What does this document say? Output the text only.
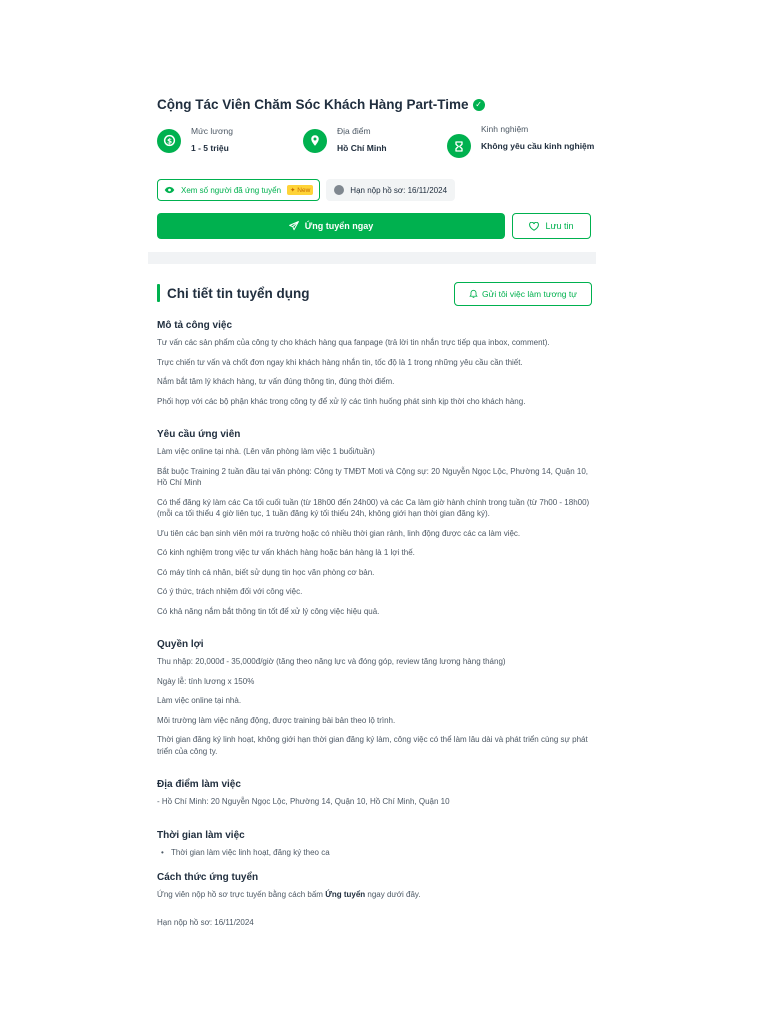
Cộng Tác Viên Chăm Sóc Khách Hàng Part-Time ✓
$
Mức lương
1 - 5 triệu
Địa điểm
Hồ Chí Minh
Kinh nghiệm
Không yêu cầu kinh nghiệm
Xem số người đã ứng tuyển	✦ New	Hạn nộp hồ sơ: 16/11/2024
Ứng tuyển ngay	Lưu tin
Chi tiết tin tuyển dụng	Gửi tôi việc làm tương tự
Mô tả công việc

Tư vấn các sản phẩm của công ty cho khách hàng qua fanpage (trả lời tin nhắn trực tiếp qua inbox, comment).

Trực chiến tư vấn và chốt đơn ngay khi khách hàng nhắn tin, tốc độ là 1 trong những yêu cầu cần thiết.

Nắm bắt tâm lý khách hàng, tư vấn đúng thông tin, đúng thời điểm.

Phối hợp với các bộ phận khác trong công ty để xử lý các tình huống phát sinh kịp thời cho khách hàng.

Yêu cầu ứng viên

Làm việc online tại nhà. (Lên văn phòng làm việc 1 buổi/tuần)

Bắt buộc Training 2 tuần đầu tại văn phòng: Công ty TMĐT Moti và Cộng sự: 20 Nguyễn Ngọc Lộc, Phường 14, Quận 10, Hồ Chí Minh

Có thể đăng ký làm các Ca tối cuối tuần (từ 18h00 đến 24h00) và các Ca làm giờ hành chính trong tuần (từ 7h00 - 18h00) (mỗi ca tối thiểu 4 giờ liên tục, 1 tuần đăng ký tối thiểu 24h, không giới hạn thời gian đăng ký).

Ưu tiên các bạn sinh viên mới ra trường hoặc có nhiều thời gian rảnh, linh động được các ca làm việc.

Có kinh nghiệm trong việc tư vấn khách hàng hoặc bán hàng là 1 lợi thế.

Có máy tính cá nhân, biết sử dụng tin học văn phòng cơ bản.

Có ý thức, trách nhiệm đối với công việc.

Có khả năng nắm bắt thông tin tốt để xử lý công việc hiệu quả.

Quyền lợi

Thu nhập: 20,000đ - 35,000đ/giờ (tăng theo năng lực và đóng góp, review tăng lương hàng tháng)

Ngày lễ: tính lương x 150%

Làm việc online tại nhà.

Môi trường làm việc năng động, được training bài bản theo lộ trình.

Thời gian đăng ký linh hoạt, không giới hạn thời gian đăng ký làm, công việc có thể làm lâu dài và phát triển cùng sự phát triển của công ty.

Địa điểm làm việc

- Hồ Chí Minh: 20 Nguyễn Ngọc Lộc, Phường 14, Quận 10, Hồ Chí Minh, Quận 10

Thời gian làm việc
• Thời gian làm việc linh hoạt, đăng ký theo ca
Cách thức ứng tuyển

Ứng viên nộp hồ sơ trực tuyến bằng cách bấm Ứng tuyển ngay dưới đây.

Hạn nộp hồ sơ: 16/11/2024
